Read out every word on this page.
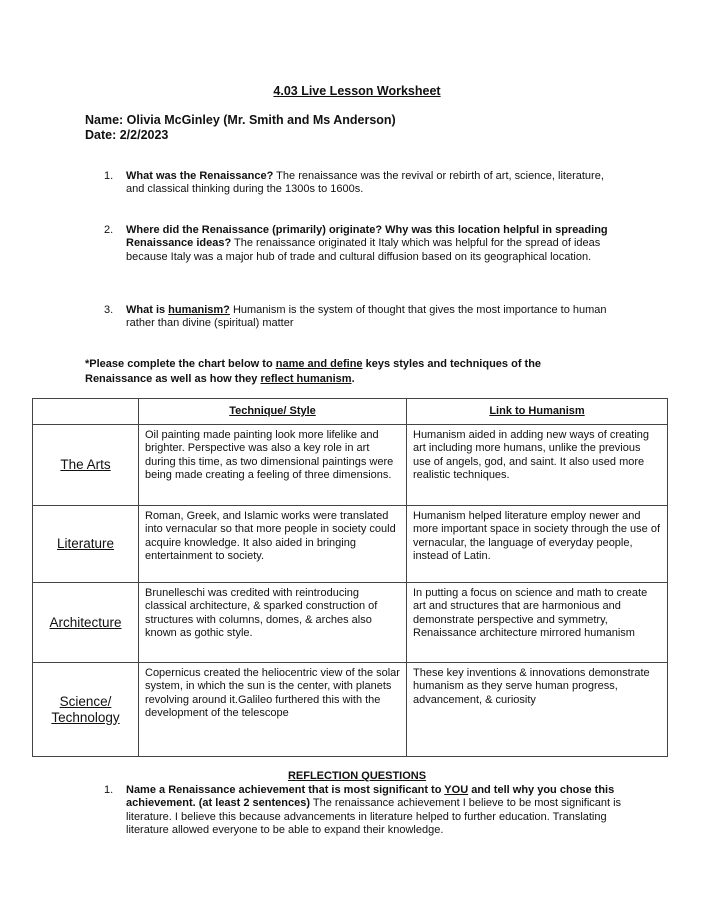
4.03 Live Lesson Worksheet
Name: Olivia McGinley (Mr. Smith and Ms Anderson)
Date: 2/2/2023
1. What was the Renaissance? The renaissance was the revival or rebirth of art, science, literature, and classical thinking during the 1300s to 1600s.
2. Where did the Renaissance (primarily) originate? Why was this location helpful in spreading Renaissance ideas? The renaissance originated it Italy which was helpful for the spread of ideas because Italy was a major hub of trade and cultural diffusion based on its geographical location.
3. What is humanism? Humanism is the system of thought that gives the most importance to human rather than divine (spiritual) matter
*Please complete the chart below to name and define keys styles and techniques of the Renaissance as well as how they reflect humanism.
	Technique/ Style	Link to Humanism
The Arts	Oil painting made painting look more lifelike and brighter. Perspective was also a key role in art during this time, as two dimensional paintings were being made creating a feeling of three dimensions.	Humanism aided in adding new ways of creating art including more humans, unlike the previous use of angels, god, and saint. It also used more realistic techniques.
Literature	Roman, Greek, and Islamic works were translated into vernacular so that more people in society could acquire knowledge. It also aided in bringing entertainment to society.	Humanism helped literature employ newer and more important space in society through the use of vernacular, the language of everyday people, instead of Latin.
Architecture	Brunelleschi was credited with reintroducing classical architecture, & sparked construction of structures with columns, domes, & arches also known as gothic style.	In putting a focus on science and math to create art and structures that are harmonious and demonstrate perspective and symmetry, Renaissance architecture mirrored humanism
Science/ Technology	Copernicus created the heliocentric view of the solar system, in which the sun is the center, with planets revolving around it.Galileo furthered this with the development of the telescope	These key inventions & innovations demonstrate humanism as they serve human progress, advancement, & curiosity
REFLECTION QUESTIONS
1. Name a Renaissance achievement that is most significant to YOU and tell why you chose this achievement. (at least 2 sentences) The renaissance achievement I believe to be most significant is literature. I believe this because advancements in literature helped to further education. Translating literature allowed everyone to be able to expand their knowledge.
